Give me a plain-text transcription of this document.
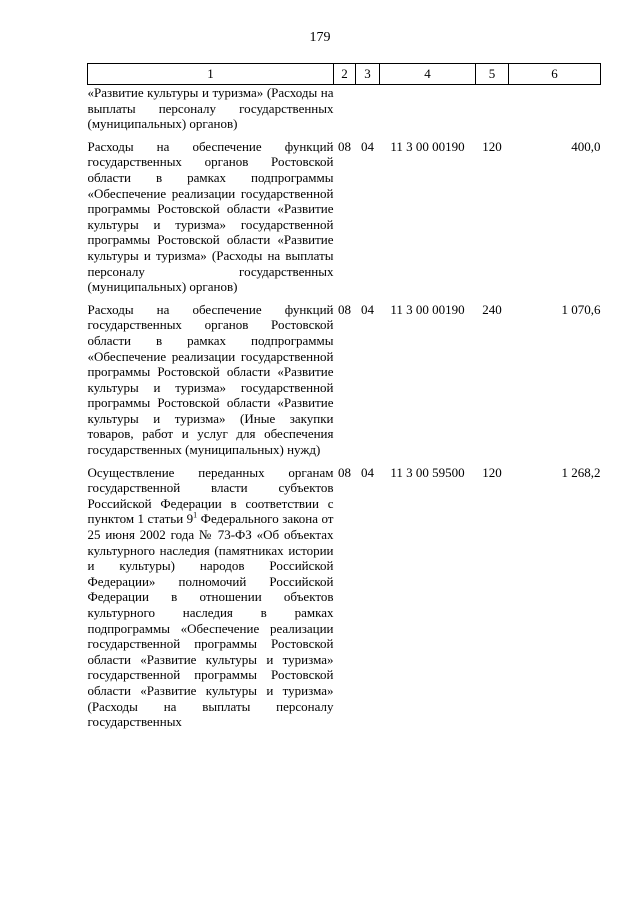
179
1	2	3	4	5	6
«Развитие культуры и туризма» (Расходы на выплаты персоналу государственных (муниципальных) органов)					

Расходы на обеспечение функций государственных органов Ростовской области в рамках подпрограммы «Обеспечение реализации государственной программы Ростовской области «Развитие культуры и туризма» государственной программы Ростовской области «Развитие культуры и туризма» (Расходы на выплаты персоналу государственных (муниципальных) органов)	08	04	11 3 00 00190	120	400,0

Расходы на обеспечение функций государственных органов Ростовской области в рамках подпрограммы «Обеспечение реализации государственной программы Ростовской области «Развитие культуры и туризма» государственной программы Ростовской области «Развитие культуры и туризма» (Иные закупки товаров, работ и услуг для обеспечения государственных (муниципальных) нужд)	08	04	11 3 00 00190	240	1 070,6

Осуществление переданных органам государственной власти субъектов Российской Федерации в соответствии с пунктом 1 статьи $9^1$ Федерального закона от 25 июня 2002 года № 73-ФЗ «Об объектах культурного наследия (памятниках истории и культуры) народов Российской Федерации» полномочий Российской Федерации в отношении объектов культурного наследия в рамках подпрограммы «Обеспечение реализации государственной программы Ростовской области «Развитие культуры и туризма» государственной программы Ростовской области «Развитие культуры и туризма» (Расходы на выплаты персоналу государственных	08	04	11 3 00 59500	120	1 268,2
